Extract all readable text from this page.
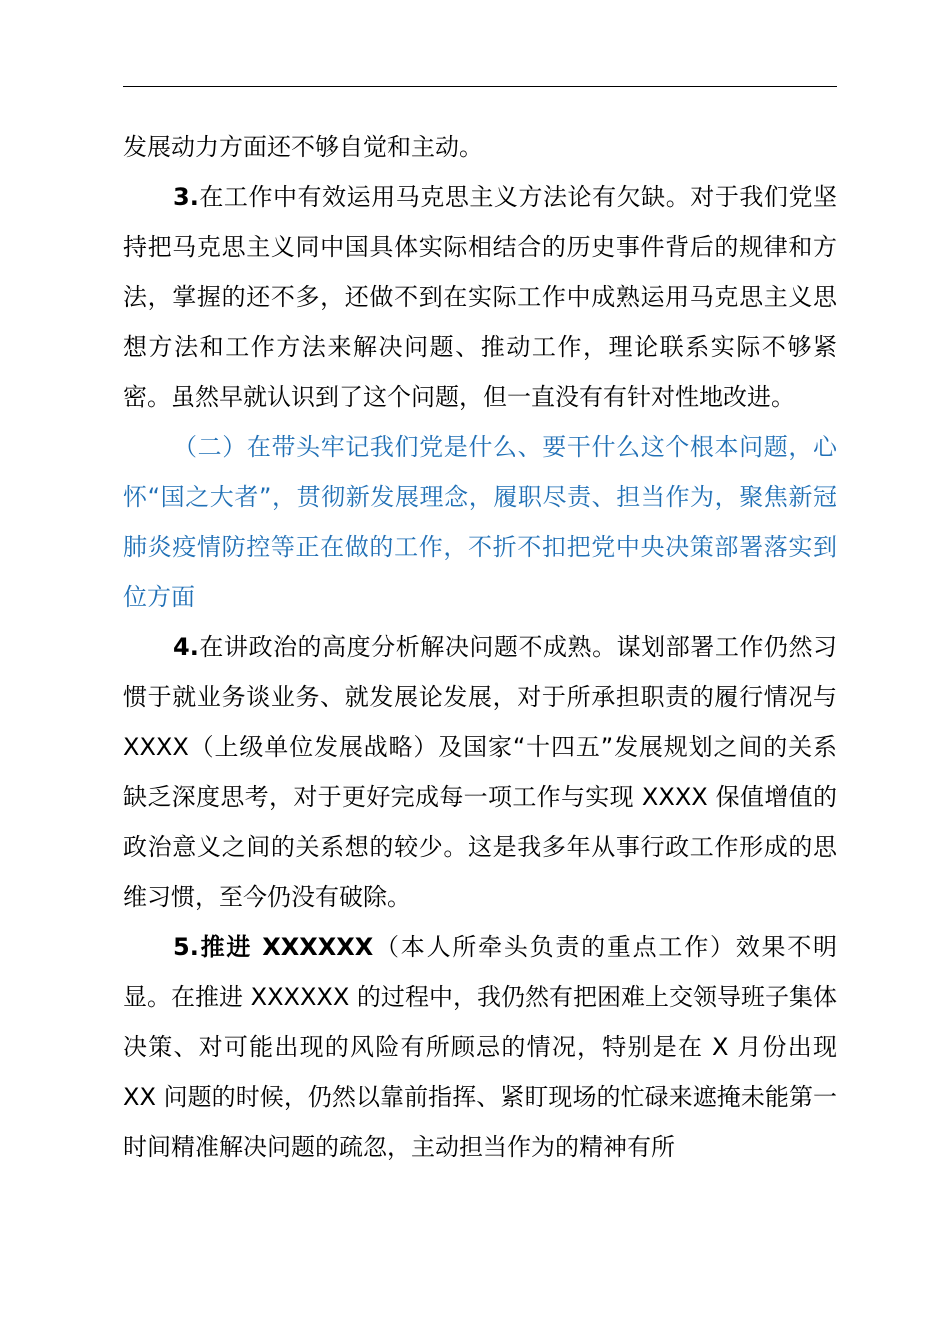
发展动力方面还不够自觉和主动。

3.在工作中有效运用马克思主义方法论有欠缺。对于我们党坚持把马克思主义同中国具体实际相结合的历史事件背后的规律和方法，掌握的还不多，还做不到在实际工作中成熟运用马克思主义思想方法和工作方法来解决问题、推动工作，理论联系实际不够紧密。虽然早就认识到了这个问题，但一直没有有针对性地改进。

（二）在带头牢记我们党是什么、要干什么这个根本问题，心怀“国之大者”，贯彻新发展理念，履职尽责、担当作为，聚焦新冠肺炎疫情防控等正在做的工作，不折不扣把党中央决策部署落实到位方面

4.在讲政治的高度分析解决问题不成熟。谋划部署工作仍然习惯于就业务谈业务、就发展论发展，对于所承担职责的履行情况与 XXXX（上级单位发展战略）及国家“十四五”发展规划之间的关系缺乏深度思考，对于更好完成每一项工作与实现 XXXX 保值增值的政治意义之间的关系想的较少。这是我多年从事行政工作形成的思维习惯，至今仍没有破除。

5.推进 XXXXXX（本人所牵头负责的重点工作）效果不明显。在推进 XXXXXX 的过程中，我仍然有把困难上交领导班子集体决策、对可能出现的风险有所顾忌的情况，特别是在 X 月份出现 XX 问题的时候，仍然以靠前指挥、紧盯现场的忙碌来遮掩未能第一时间精准解决问题的疏忽，主动担当作为的精神有所
